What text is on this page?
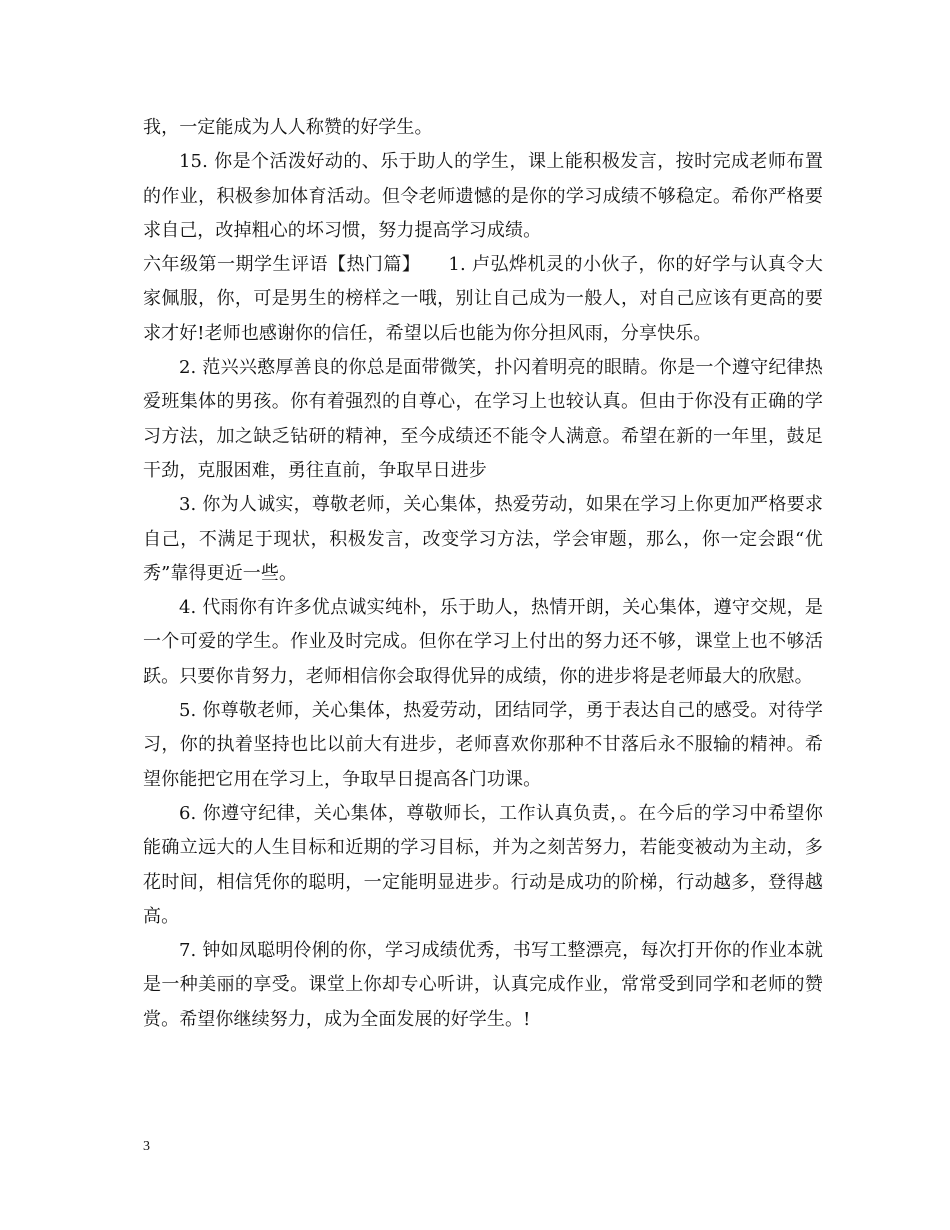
我，一定能成为人人称赞的好学生。

15. 你是个活泼好动的、乐于助人的学生，课上能积极发言，按时完成老师布置的作业，积极参加体育活动。但令老师遗憾的是你的学习成绩不够稳定。希你严格要求自己，改掉粗心的坏习惯，努力提高学习成绩。

六年级第一期学生评语【热门篇】　　1. 卢弘烨机灵的小伙子，你的好学与认真令大家佩服，你，可是男生的榜样之一哦，别让自己成为一般人，对自己应该有更高的要求才好!老师也感谢你的信任，希望以后也能为你分担风雨，分享快乐。

2. 范兴兴憨厚善良的你总是面带微笑，扑闪着明亮的眼睛。你是一个遵守纪律热爱班集体的男孩。你有着强烈的自尊心，在学习上也较认真。但由于你没有正确的学习方法，加之缺乏钻研的精神，至今成绩还不能令人满意。希望在新的一年里，鼓足干劲，克服困难，勇往直前，争取早日进步

3. 你为人诚实，尊敬老师，关心集体，热爱劳动，如果在学习上你更加严格要求自己，不满足于现状，积极发言，改变学习方法，学会审题，那么，你一定会跟“优秀”靠得更近一些。

4. 代雨你有许多优点诚实纯朴，乐于助人，热情开朗，关心集体，遵守交规，是一个可爱的学生。作业及时完成。但你在学习上付出的努力还不够，课堂上也不够活跃。只要你肯努力，老师相信你会取得优异的成绩，你的进步将是老师最大的欣慰。

5. 你尊敬老师，关心集体，热爱劳动，团结同学，勇于表达自己的感受。对待学习，你的执着坚持也比以前大有进步，老师喜欢你那种不甘落后永不服输的精神。希望你能把它用在学习上，争取早日提高各门功课。

6. 你遵守纪律，关心集体，尊敬师长，工作认真负责，。在今后的学习中希望你能确立远大的人生目标和近期的学习目标，并为之刻苦努力，若能变被动为主动，多花时间，相信凭你的聪明，一定能明显进步。行动是成功的阶梯，行动越多，登得越高。

7. 钟如凤聪明伶俐的你，学习成绩优秀，书写工整漂亮，每次打开你的作业本就是一种美丽的享受。课堂上你却专心听讲，认真完成作业，常常受到同学和老师的赞赏。希望你继续努力，成为全面发展的好学生。!

3
